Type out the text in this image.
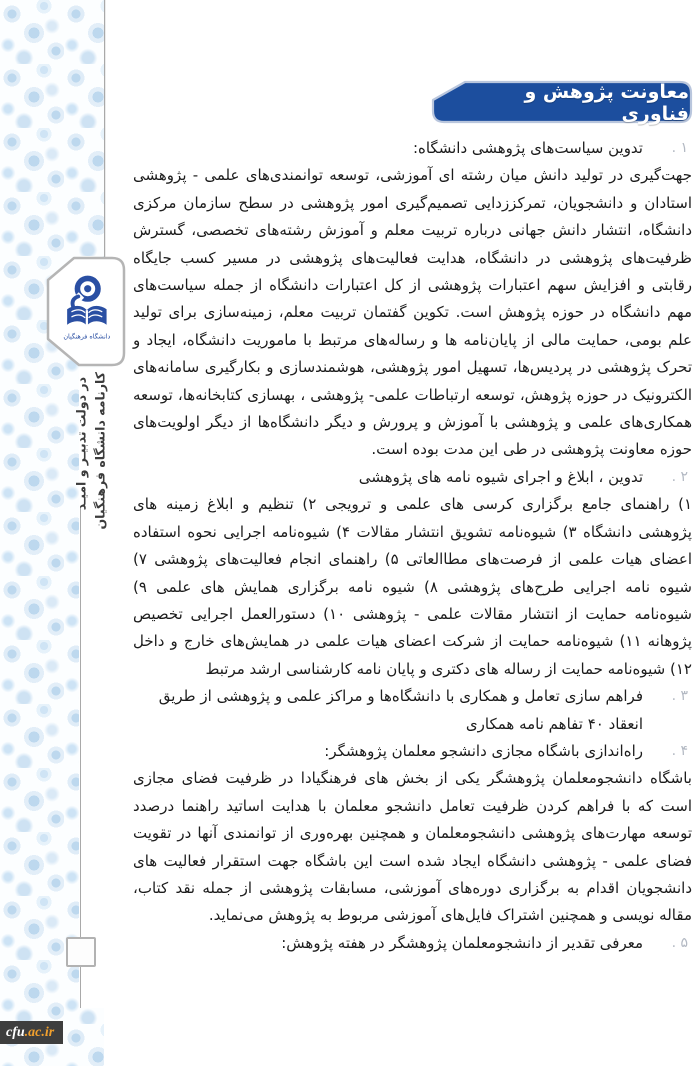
دانشگاه فرهنگیان
کارنامه دانشگاه فرهنگیان
در دولت تدبیـر و امیـد
cfu .ac.ir
معاونت پژوهش و فناوری
۱ .
تدوین سیاست‌های پژوهشی دانشگاه:

جهت‌گیری در تولید دانش میان رشته ای آموزشی، توسعه توانمندی‌های علمی - پژوهشی استادان و دانشجویان، تمرکززدایی تصمیم‌گیری امور پژوهشی در سطح سازمان مرکزی دانشگاه، انتشار دانش جهانی درباره تربیت معلم و آموزش رشته‌های تخصصی، گسترش ظرفیت‌های پژوهشی در دانشگاه، هدایت فعالیت‌های پژوهشی در مسیر کسب جایگاه رقابتی و افزایش سهم اعتبارات پژوهشی از کل اعتبارات دانشگاه از جمله سیاست‌های مهم دانشگاه در حوزه پژوهش است. تکوین گفتمان تربیت معلم، زمینه‌سازی برای تولید علم بومی، حمایت مالی از پایان‌نامه ها و رساله‌های مرتبط با ماموریت دانشگاه، ایجاد و تحرک پژوهشی در پردیس‌ها، تسهیل امور پژوهشی، هوشمندسازی و بکارگیری سامانه‌های الکترونیک در حوزه پژوهش، توسعه ارتباطات علمی- پژوهشی ، بهسازی کتابخانه‌ها، توسعه همکاری‌های علمی و پژوهشی با آموزش و پرورش و دیگر دانشگاه‌ها از دیگر اولویت‌های حوزه معاونت پژوهشی در طی این مدت بوده است.

۲ .
تدوین ، ابلاغ و اجرای شیوه نامه های پژوهشی

۱) راهنمای جامع برگزاری کرسی های علمی و ترویجی ۲) تنظیم و ابلاغ زمینه های پژوهشی دانشگاه ۳) شیوه‌نامه تشویق انتشار مقالات ۴) شیوه‌نامه اجرایی نحوه استفاده اعضای هیات علمی از فرصت‌های مطاالعاتی ۵) راهنمای انجام فعالیت‌های پژوهشی ۷) شیوه نامه اجرایی طرح‌های پژوهشی ۸) شیوه نامه برگزاری همایش های علمی ۹) شیوه‌نامه حمایت از انتشار مقالات علمی - پژوهشی ۱۰) دستورالعمل اجرایی تخصیص پژوهانه ۱۱) شیوه‌نامه حمایت از شرکت اعضای هیات علمی در همایش‌های خارج و داخل ۱۲) شیوه‌نامه حمایت از رساله های دکتری و پایان نامه کارشناسی ارشد مرتبط

۳ .
فراهم سازی تعامل و همکاری با دانشگاه‌ها و مراکز علمی و پژوهشی از طریق انعقاد ۴۰ تفاهم نامه همکاری
۴ .
راه‌اندازی باشگاه مجازی دانشجو معلمان پژوهشگر:

باشگاه دانشجومعلمان پژوهشگر یکی از بخش های فرهنگیادا در ظرفیت فضای مجازی است که با فراهم کردن ظرفیت تعامل دانشجو معلمان با هدایت اساتید راهنما درصدد توسعه مهارت‌های پژوهشی دانشجومعلمان و همچنین بهره‌وری از توانمندی آنها در تقویت فضای علمی - پژوهشی دانشگاه ایجاد شده است این باشگاه جهت استقرار فعالیت های دانشجویان اقدام به برگزاری دوره‌های آموزشی، مسابقات پژوهشی از جمله نقد کتاب، مقاله نویسی و همچنین اشتراک فایل‌های آموزشی مربوط به پژوهش می‌نماید.

۵ .
معرفی تقدیر از دانشجومعلمان پژوهشگر در هفته پژوهش:
